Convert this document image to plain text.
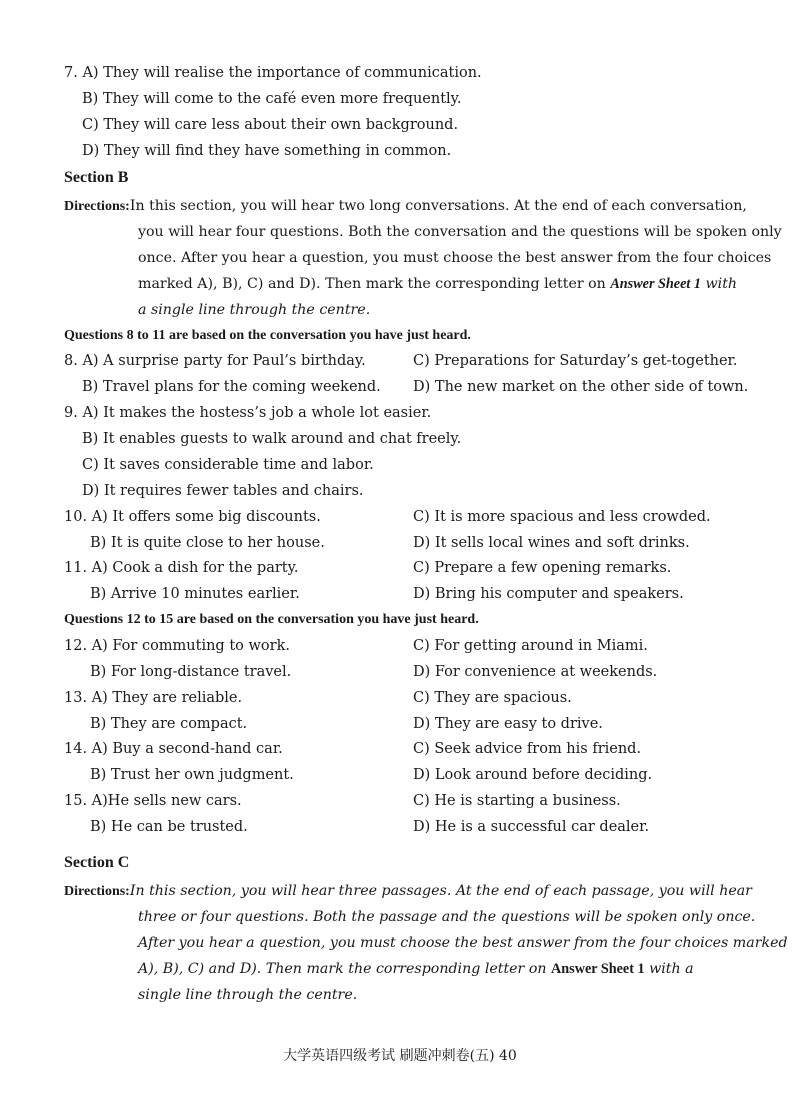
7. A) They will realise the importance of communication.
B) They will come to the café even more frequently.
C) They will care less about their own background.
D) They will find they have something in common.
Section B
Directions:In this section, you will hear two long conversations. At the end of each conversation,
you will hear four questions. Both the conversation and the questions will be spoken only
once. After you hear a question, you must choose the best answer from the four choices
marked A), B), C) and D). Then mark the corresponding letter on Answer Sheet 1 with
a single line through the centre.
Questions 8 to 11 are based on the conversation you have just heard.
8. A) A surprise party for Paul’s birthday.	C) Preparations for Saturday’s get-together.
B) Travel plans for the coming weekend. D) The new market on the other side of town.
9. A) It makes the hostess’s job a whole lot easier.
B) It enables guests to walk around and chat freely.
C) It saves considerable time and labor.
D) It requires fewer tables and chairs.
10. A) It offers some big discounts.	C) It is more spacious and less crowded.
B) It is quite close to her house.	D) It sells local wines and soft drinks.
11. A) Cook a dish for the party.	C) Prepare a few opening remarks.
B) Arrive 10 minutes earlier.	D) Bring his computer and speakers.
Questions 12 to 15 are based on the conversation you have just heard.
12. A) For commuting to work.	C) For getting around in Miami.
B) For long-distance travel.	D) For convenience at weekends.
13. A) They are reliable.	C) They are spacious.
B) They are compact.	D) They are easy to drive.
14. A) Buy a second-hand car.	C) Seek advice from his friend.
B) Trust her own judgment.	D) Look around before deciding.
15. A)He sells new cars.	C) He is starting a business.
B) He can be trusted.	D) He is a successful car dealer.
Section C
Directions:In this section, you will hear three passages. At the end of each passage, you will hear
three or four questions. Both the passage and the questions will be spoken only once.
After you hear a question, you must choose the best answer from the four choices marked
A), B), C) and D). Then mark the corresponding letter on Answer Sheet 1 with a
single line through the centre.
大学英语四级考试 刷题冲刺卷(五) 40
